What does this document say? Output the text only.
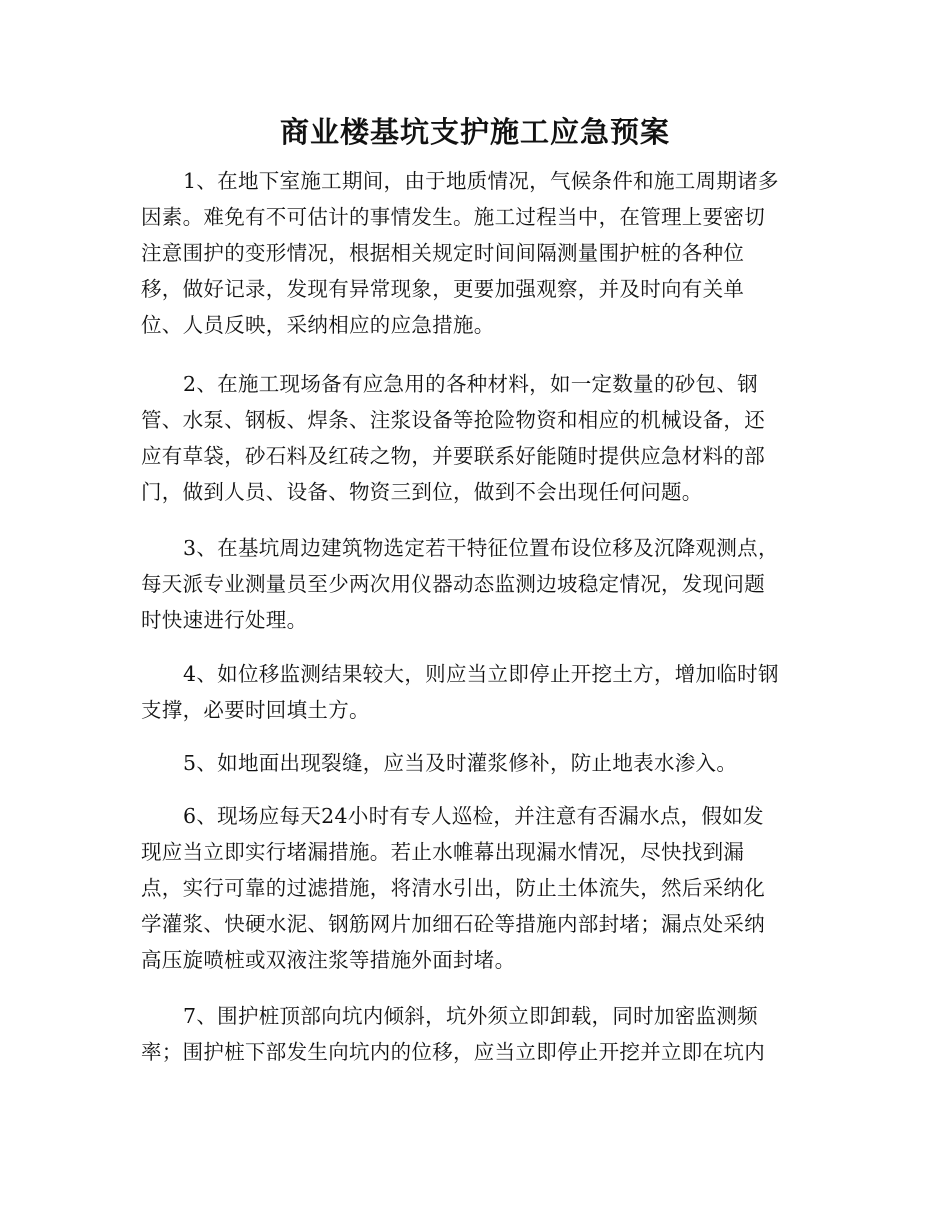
商业楼基坑支护施工应急预案
1、在地下室施工期间，由于地质情况，气候条件和施工周期诸多
因素。难免有不可估计的事情发生。施工过程当中，在管理上要密切
注意围护的变形情况，根据相关规定时间间隔测量围护桩的各种位
移，做好记录，发现有异常现象，更要加强观察，并及时向有关单
位、人员反映，采纳相应的应急措施。
2、在施工现场备有应急用的各种材料，如一定数量的砂包、钢
管、水泵、钢板、焊条、注浆设备等抢险物资和相应的机械设备，还
应有草袋，砂石料及红砖之物，并要联系好能随时提供应急材料的部
门，做到人员、设备、物资三到位，做到不会出现任何问题。
3、在基坑周边建筑物选定若干特征位置布设位移及沉降观测点，
每天派专业测量员至少两次用仪器动态监测边坡稳定情况，发现问题
时快速进行处理。
4、如位移监测结果较大，则应当立即停止开挖土方，增加临时钢
支撑，必要时回填土方。
5、如地面出现裂缝，应当及时灌浆修补，防止地表水渗入。
6、现场应每天24小时有专人巡检，并注意有否漏水点，假如发
现应当立即实行堵漏措施。若止水帷幕出现漏水情况，尽快找到漏
点，实行可靠的过滤措施，将清水引出，防止土体流失，然后采纳化
学灌浆、快硬水泥、钢筋网片加细石砼等措施内部封堵；漏点处采纳
高压旋喷桩或双液注浆等措施外面封堵。
7、围护桩顶部向坑内倾斜，坑外须立即卸载，同时加密监测频
率；围护桩下部发生向坑内的位移，应当立即停止开挖并立即在坑内
